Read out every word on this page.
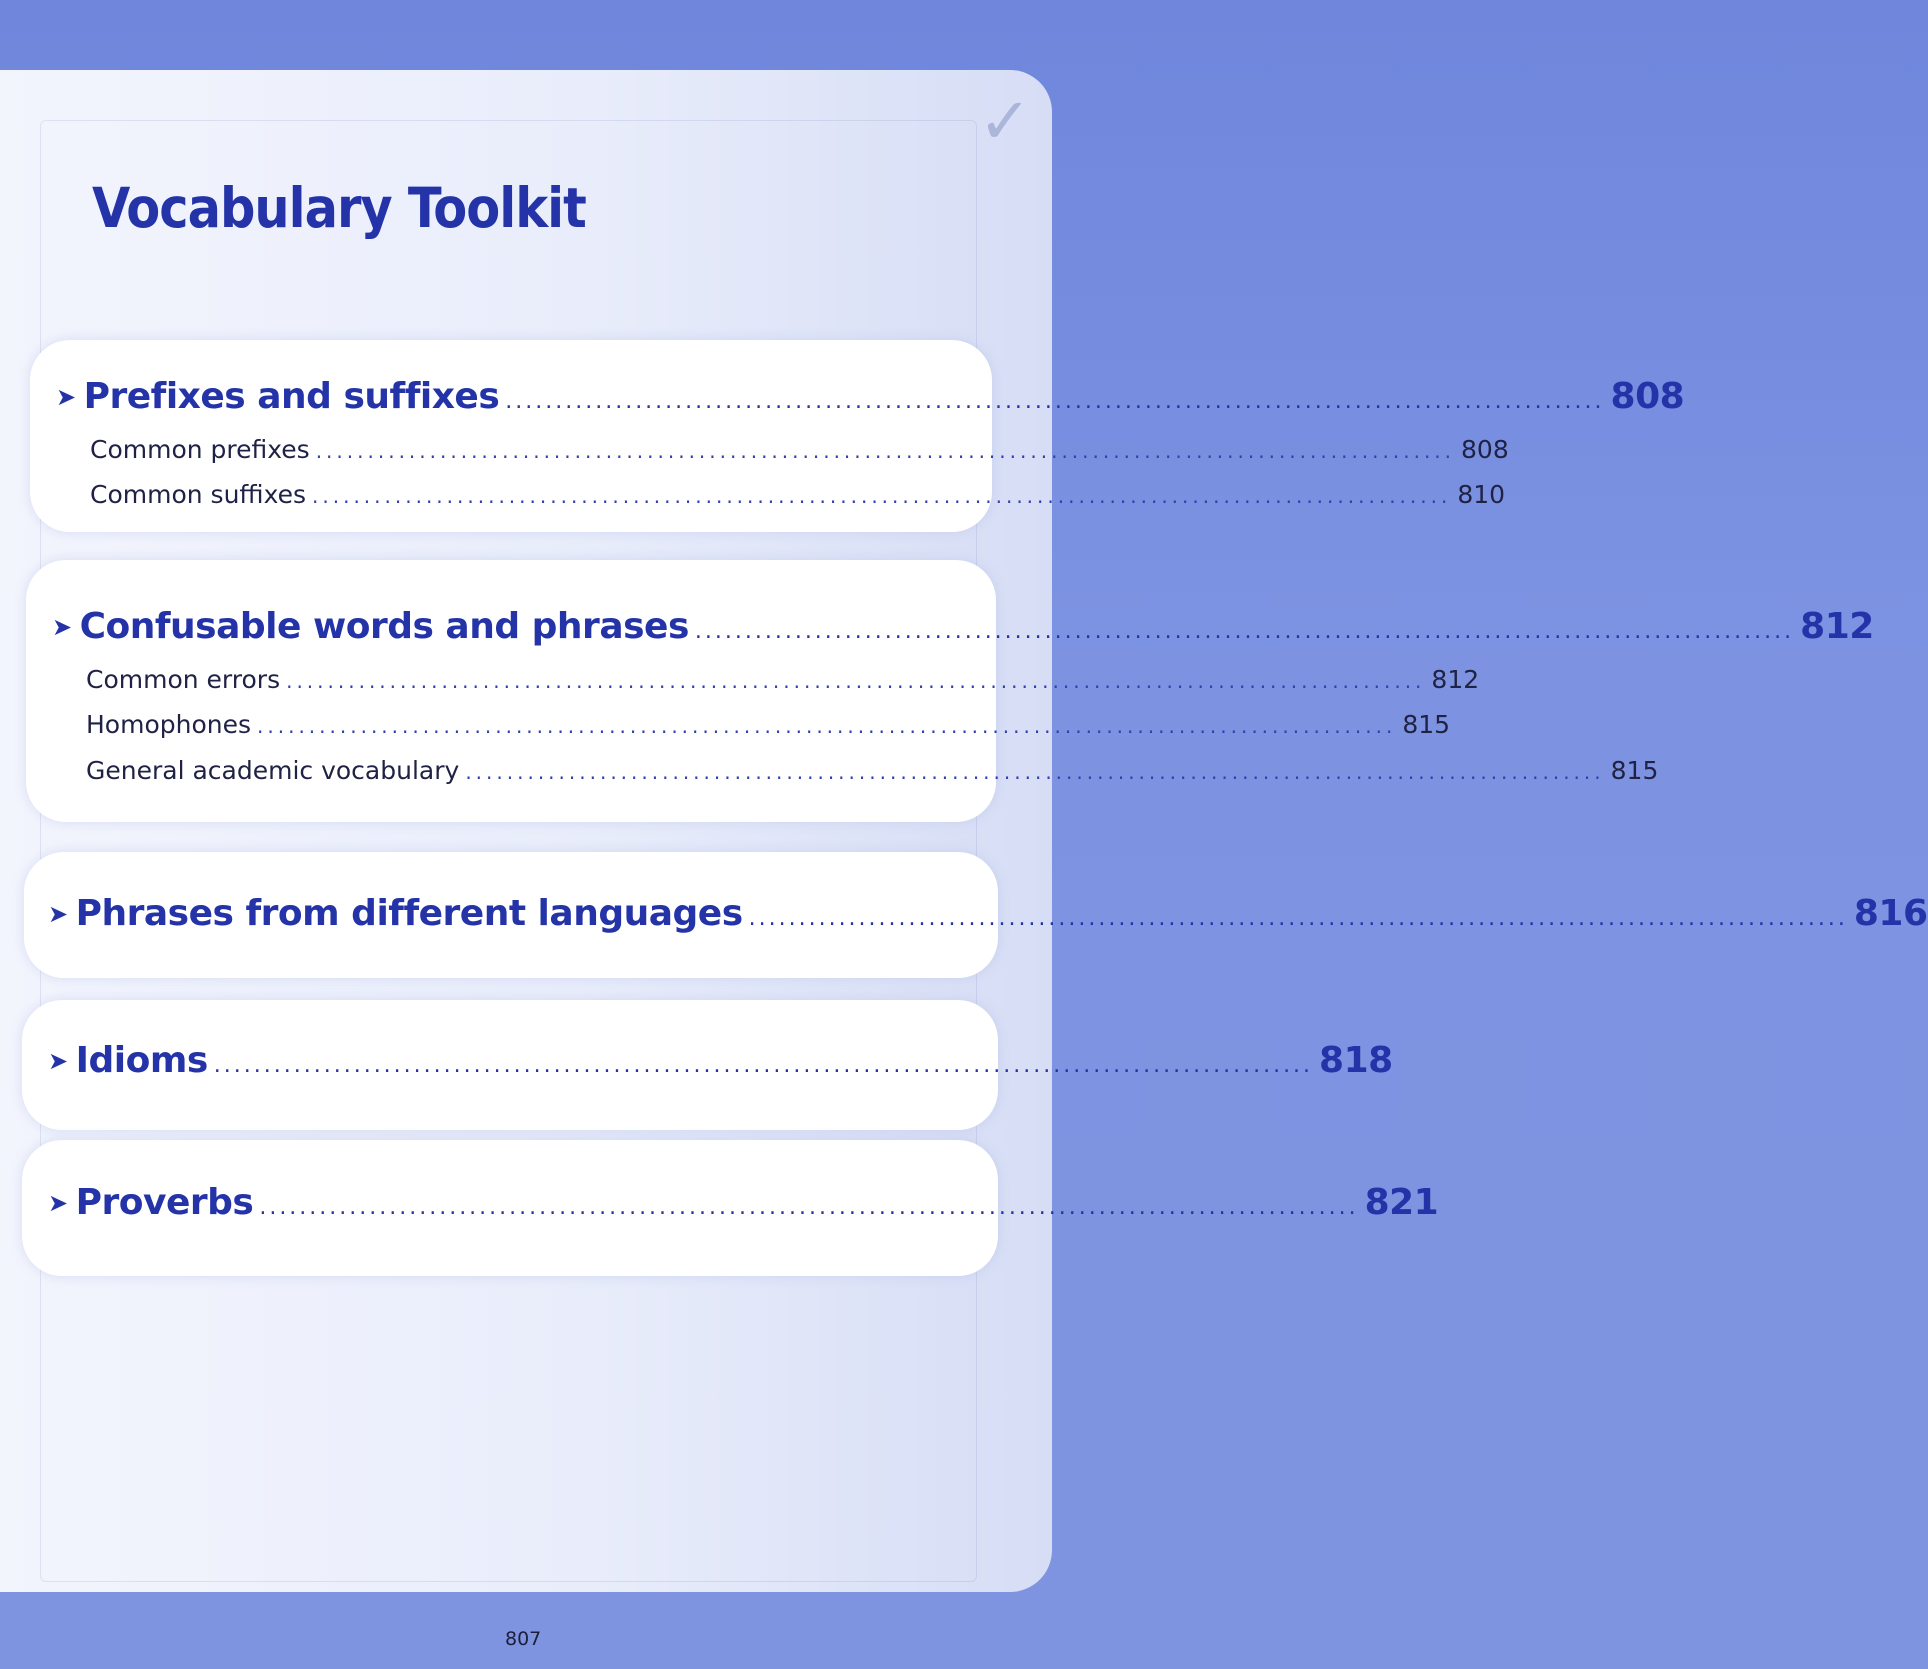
✓
Vocabulary Toolkit
➤ Prefixes and suffixes .............................................................................................................. 808
Common prefixes .............................................................................................................. 808
Common suffixes .............................................................................................................. 810
➤ Confusable words and phrases .............................................................................................................. 812
Common errors .............................................................................................................. 812
Homophones .............................................................................................................. 815
General academic vocabulary .............................................................................................................. 815
➤ Phrases from different languages .............................................................................................................. 816
➤ Idioms .............................................................................................................. 818
➤ Proverbs .............................................................................................................. 821
807
